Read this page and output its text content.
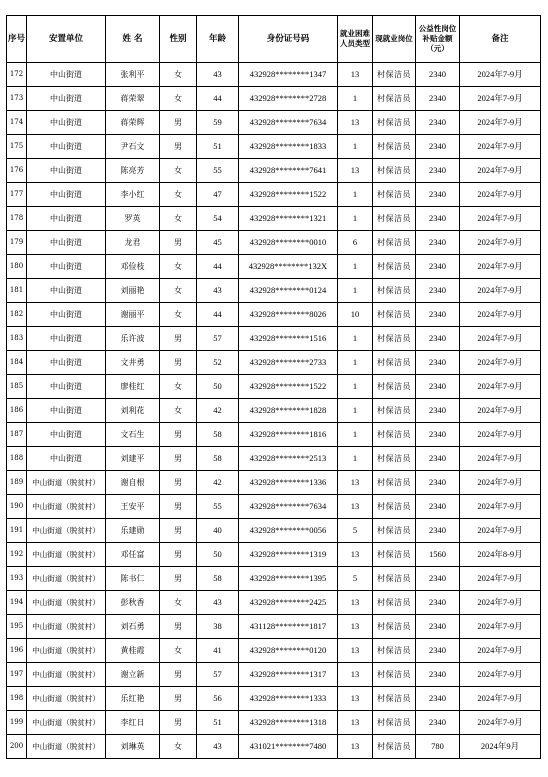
序号	安置单位	姓 名	性别	年龄	身份证号码	就业困难人员类型	现就业岗位	公益性岗位补贴金额（元）	备注
172	中山街道	张利平	女	43	432928********1347	13	村保洁员	2340	2024年7-9月
173	中山街道	蒋荣翠	女	44	432928********2728	1	村保洁员	2340	2024年7-9月
174	中山街道	蒋荣辉	男	59	432928********7634	13	村保洁员	2340	2024年7-9月
175	中山街道	尹石文	男	51	432928********1833	1	村保洁员	2340	2024年7-9月
176	中山街道	陈亮芳	女	55	432928********7641	13	村保洁员	2340	2024年7-9月
177	中山街道	李小红	女	47	432928********1522	1	村保洁员	2340	2024年7-9月
178	中山街道	罗英	女	54	432928********1321	1	村保洁员	2340	2024年7-9月
179	中山街道	龙君	男	45	432928********0010	6	村保洁员	2340	2024年7-9月
180	中山街道	邓俭枝	女	44	432928********132X	1	村保洁员	2340	2024年7-9月
181	中山街道	刘丽艳	女	43	432928********0124	1	村保洁员	2340	2024年7-9月
182	中山街道	谢丽平	女	44	432928********8026	10	村保洁员	2340	2024年7-9月
183	中山街道	乐许波	男	57	432928********1516	1	村保洁员	2340	2024年7-9月
184	中山街道	文井勇	男	52	432928********2733	1	村保洁员	2340	2024年7-9月
185	中山街道	廖桂红	女	50	432928********1522	1	村保洁员	2340	2024年7-9月
186	中山街道	刘利花	女	42	432928********1828	1	村保洁员	2340	2024年7-9月
187	中山街道	文石生	男	58	432928********1816	1	村保洁员	2340	2024年7-9月
188	中山街道	刘建平	男	58	432928********2513	1	村保洁员	2340	2024年7-9月
189	中山街道（脱贫村）	谢自根	男	42	432928********1336	13	村保洁员	2340	2024年7-9月
190	中山街道（脱贫村）	王安平	男	55	432928********7634	13	村保洁员	2340	2024年7-9月
191	中山街道（脱贫村）	乐建勋	男	40	432928********0056	5	村保洁员	2340	2024年7-9月
192	中山街道（脱贫村）	邓任富	男	50	432928********1319	13	村保洁员	1560	2024年8-9月
193	中山街道（脱贫村）	陈书仁	男	58	432928********1395	5	村保洁员	2340	2024年7-9月
194	中山街道（脱贫村）	彭秋香	女	43	432928********2425	13	村保洁员	2340	2024年7-9月
195	中山街道（脱贫村）	刘石勇	男	38	431128********1817	13	村保洁员	2340	2024年7-9月
196	中山街道（脱贫村）	黄桂霞	女	41	432928********0120	13	村保洁员	2340	2024年7-9月
197	中山街道（脱贫村）	谢立新	男	57	432928********1317	13	村保洁员	2340	2024年7-9月
198	中山街道（脱贫村）	乐红艳	男	56	432928********1333	13	村保洁员	2340	2024年7-9月
199	中山街道（脱贫村）	李红日	男	51	432928********1318	13	村保洁员	2340	2024年7-9月
200	中山街道（脱贫村）	刘琳英	女	43	431021********7480	13	村保洁员	780	2024年9月
